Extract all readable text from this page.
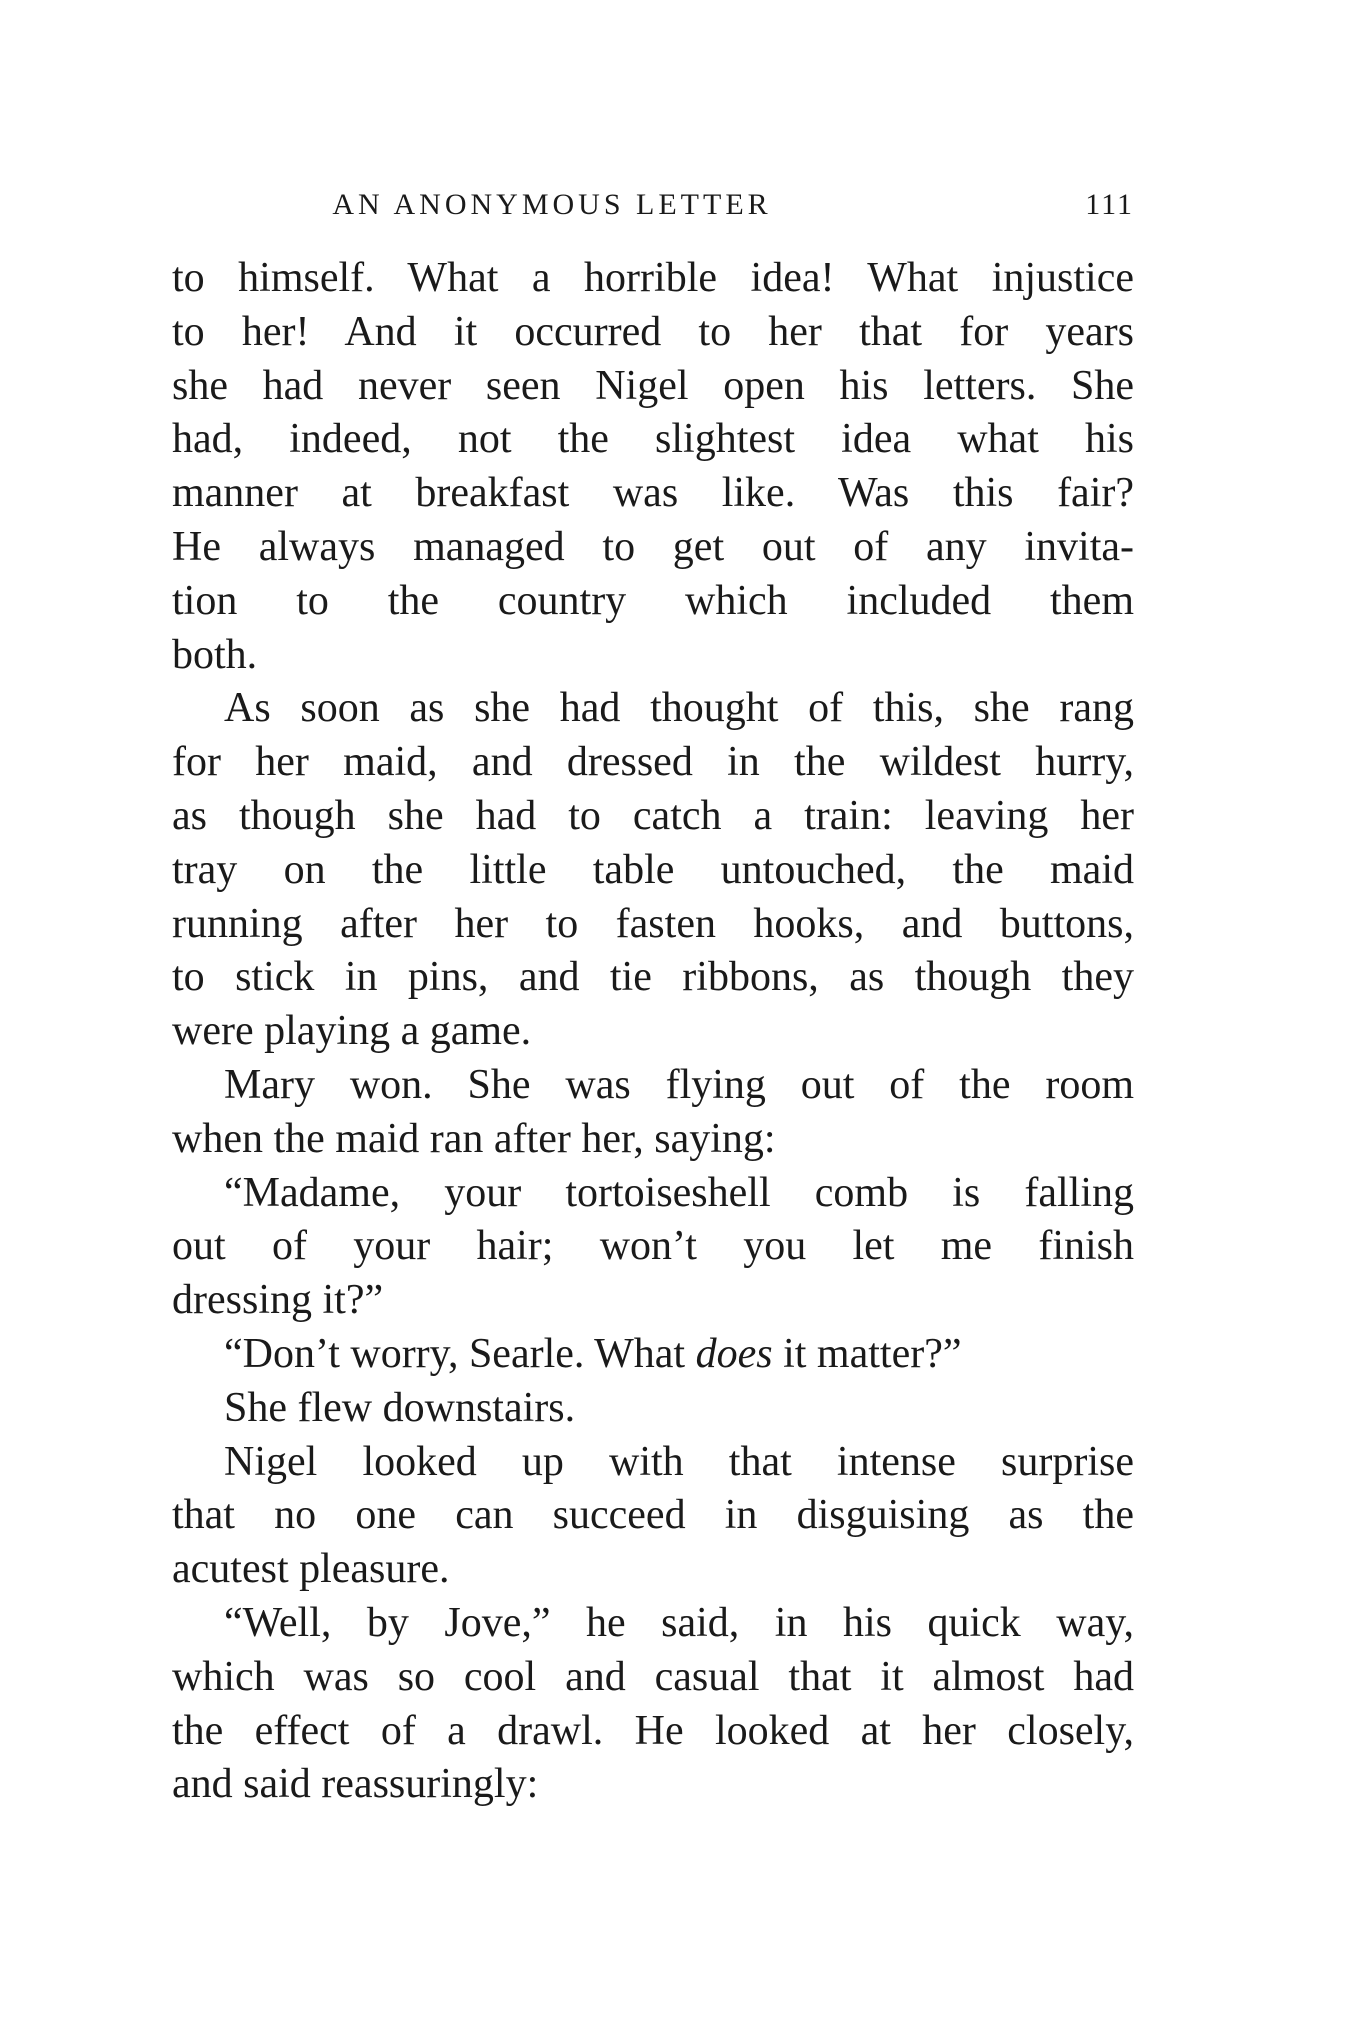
AN ANONYMOUS LETTER	111
to himself. What a horrible idea! What injustice
to her! And it occurred to her that for years
she had never seen Nigel open his letters. She
had, indeed, not the slightest idea what his
manner at breakfast was like. Was this fair?
He always managed to get out of any invita-
tion to the country which included them
both.
As soon as she had thought of this, she rang
for her maid, and dressed in the wildest hurry,
as though she had to catch a train: leaving her
tray on the little table untouched, the maid
running after her to fasten hooks, and buttons,
to stick in pins, and tie ribbons, as though they
were playing a game.
Mary won. She was flying out of the room
when the maid ran after her, saying:
“Madame, your tortoiseshell comb is falling
out of your hair; won’t you let me finish
dressing it?”
“Don’t worry, Searle. What does it matter?”
She flew downstairs.
Nigel looked up with that intense surprise
that no one can succeed in disguising as the
acutest pleasure.
“Well, by Jove,” he said, in his quick way,
which was so cool and casual that it almost had
the effect of a drawl. He looked at her closely,
and said reassuringly:
